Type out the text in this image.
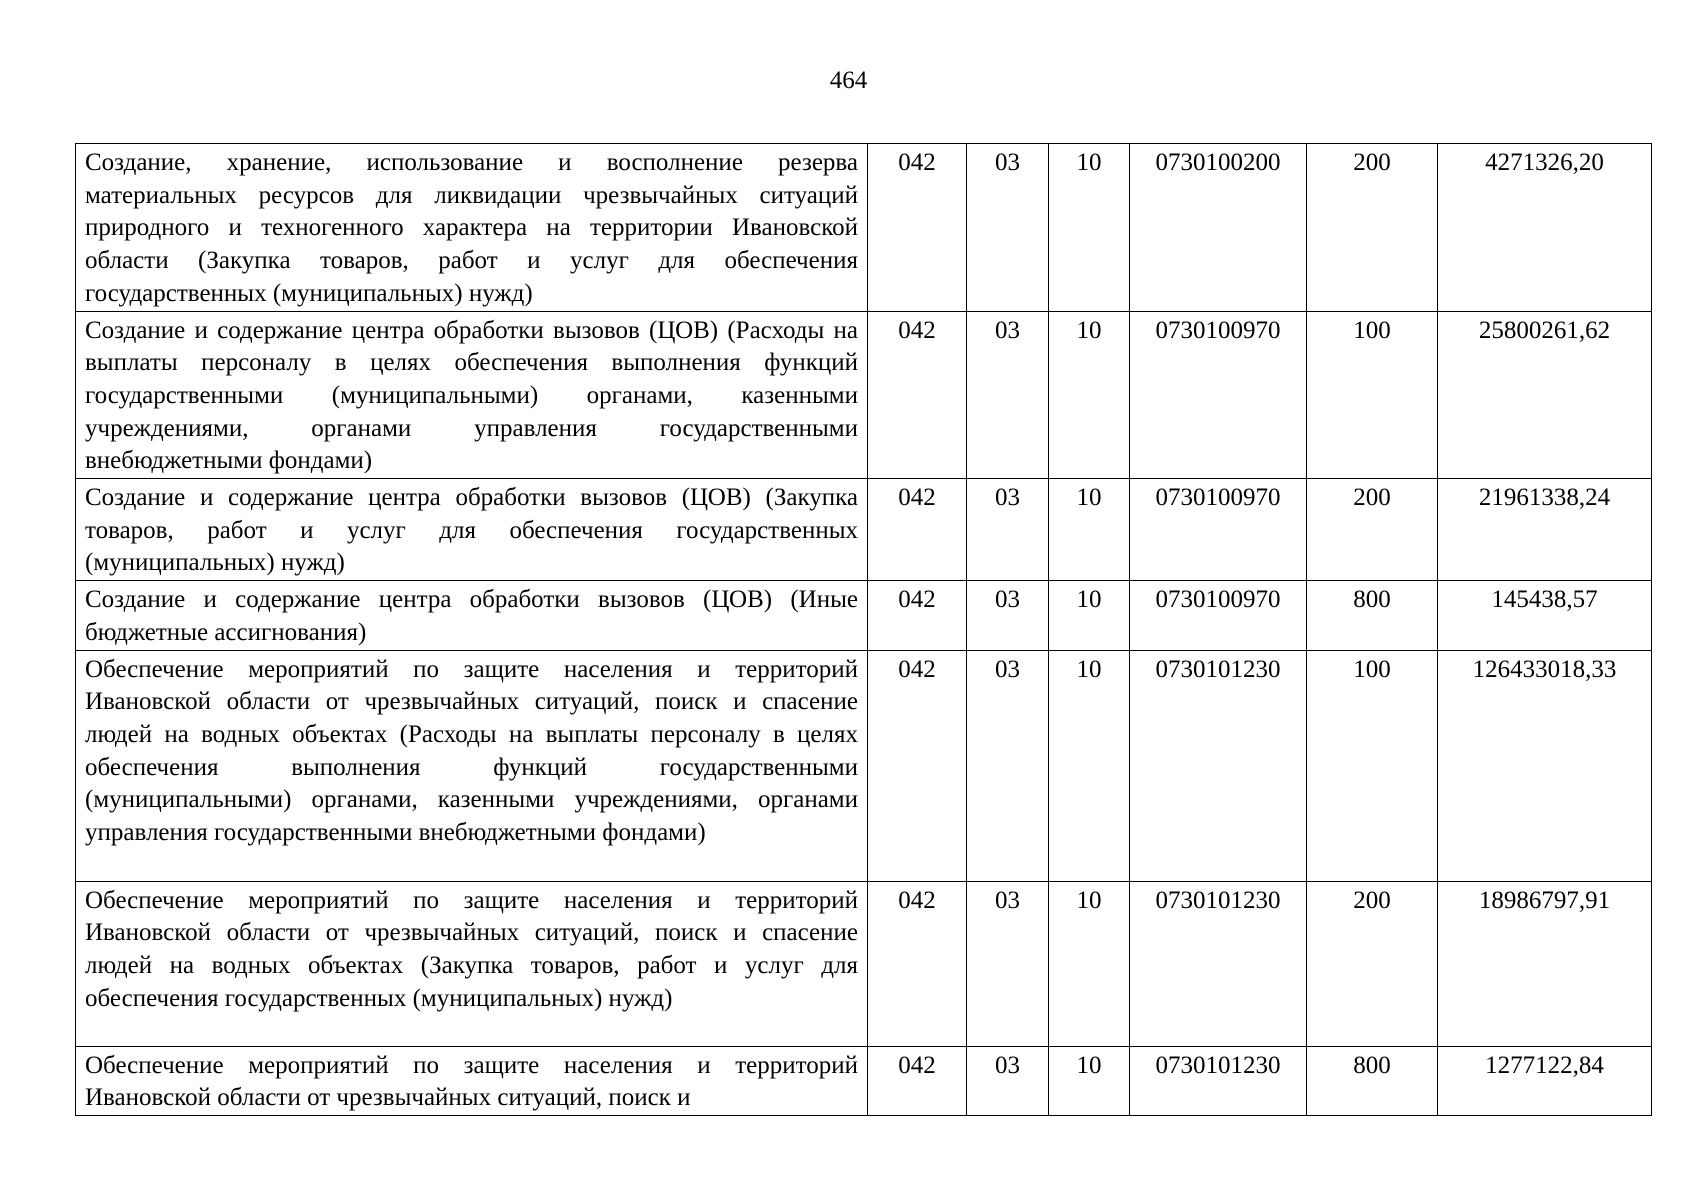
464
Создание, хранение, использование и восполнение резерва материальных ресурсов для ликвидации чрезвычайных ситуаций природного и техногенного характера на территории Ивановской области (Закупка товаров, работ и услуг для обеспечения государственных (муниципальных) нужд)	042	03	10	0730100200	200	4271326,20
Создание и содержание центра обработки вызовов (ЦОВ) (Расходы на выплаты персоналу в целях обеспечения выполнения функций государственными (муниципальными) органами, казенными учреждениями, органами управления государственными внебюджетными фондами)	042	03	10	0730100970	100	25800261,62
Создание и содержание центра обработки вызовов (ЦОВ) (Закупка товаров, работ и услуг для обеспечения государственных (муниципальных) нужд)	042	03	10	0730100970	200	21961338,24
Создание и содержание центра обработки вызовов (ЦОВ) (Иные бюджетные ассигнования)	042	03	10	0730100970	800	145438,57
Обеспечение мероприятий по защите населения и территорий Ивановской области от чрезвычайных ситуаций, поиск и спасение людей на водных объектах (Расходы на выплаты персоналу в целях обеспечения выполнения функций государственными (муниципальными) органами, казенными учреждениями, органами управления государственными внебюджетными фондами)	042	03	10	0730101230	100	126433018,33
Обеспечение мероприятий по защите населения и территорий Ивановской области от чрезвычайных ситуаций, поиск и спасение людей на водных объектах (Закупка товаров, работ и услуг для обеспечения государственных (муниципальных) нужд)	042	03	10	0730101230	200	18986797,91
Обеспечение мероприятий по защите населения и территорий Ивановской области от чрезвычайных ситуаций, поиск и	042	03	10	0730101230	800	1277122,84
